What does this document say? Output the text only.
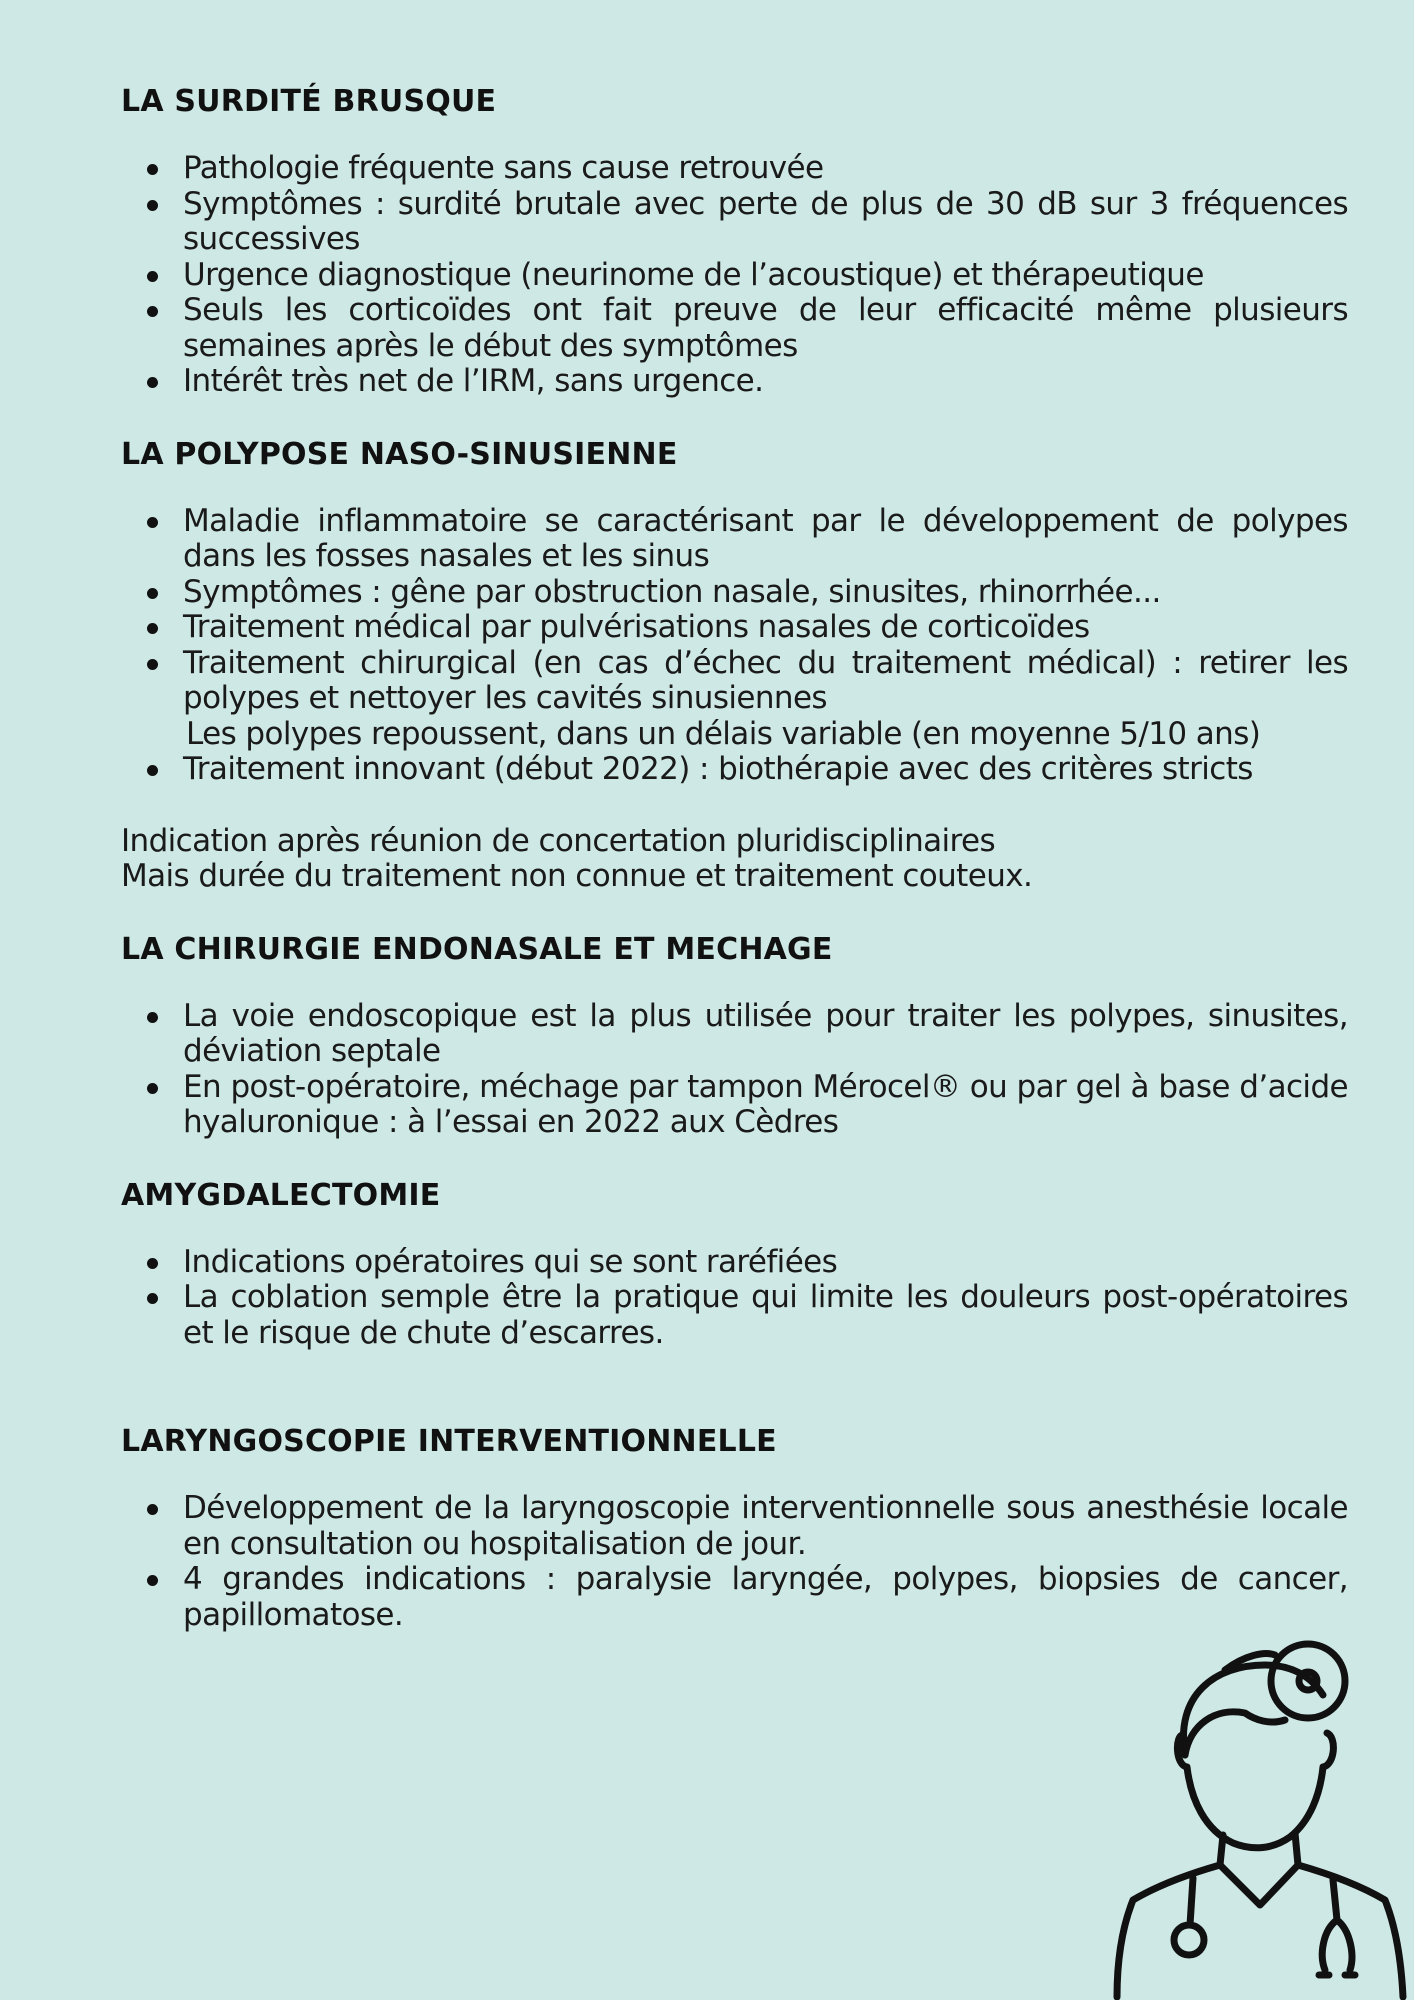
LA SURDITÉ BRUSQUE
Pathologie fréquente sans cause retrouvée
Symptômes : surdité brutale avec perte de plus de 30 dB sur 3 fréquences successives
Urgence diagnostique (neurinome de l’acoustique) et thérapeutique
Seuls les corticoïdes ont fait preuve de leur efficacité même plusieurs semaines après le début des symptômes
Intérêt très net de l’IRM, sans urgence.
LA POLYPOSE NASO-SINUSIENNE
Maladie inflammatoire se caractérisant par le développement de polypes dans les fosses nasales et les sinus
Symptômes : gêne par obstruction nasale, sinusites, rhinorrhée...
Traitement médical par pulvérisations nasales de corticoïdes
Traitement chirurgical (en cas d’échec du traitement médical) : retirer les polypes et nettoyer les cavités sinusiennes
Les polypes repoussent, dans un délais variable (en moyenne 5/10 ans)
Traitement innovant (début 2022) : biothérapie avec des critères stricts
Indication après réunion de concertation pluridisciplinaires
Mais durée du traitement non connue et traitement couteux.
LA CHIRURGIE ENDONASALE ET MECHAGE
La voie endoscopique est la plus utilisée pour traiter les polypes, sinusites, déviation septale
En post-opératoire, méchage par tampon Mérocel® ou par gel à base d’acide hyaluronique : à l’essai en 2022 aux Cèdres
AMYGDALECTOMIE
Indications opératoires qui se sont raréfiées
La coblation semple être la pratique qui limite les douleurs post-opératoires et le risque de chute d’escarres.
LARYNGOSCOPIE INTERVENTIONNELLE
Développement de la laryngoscopie interventionnelle sous anesthésie locale en consultation ou hospitalisation de jour.
4 grandes indications : paralysie laryngée, polypes, biopsies de cancer, papillomatose.
